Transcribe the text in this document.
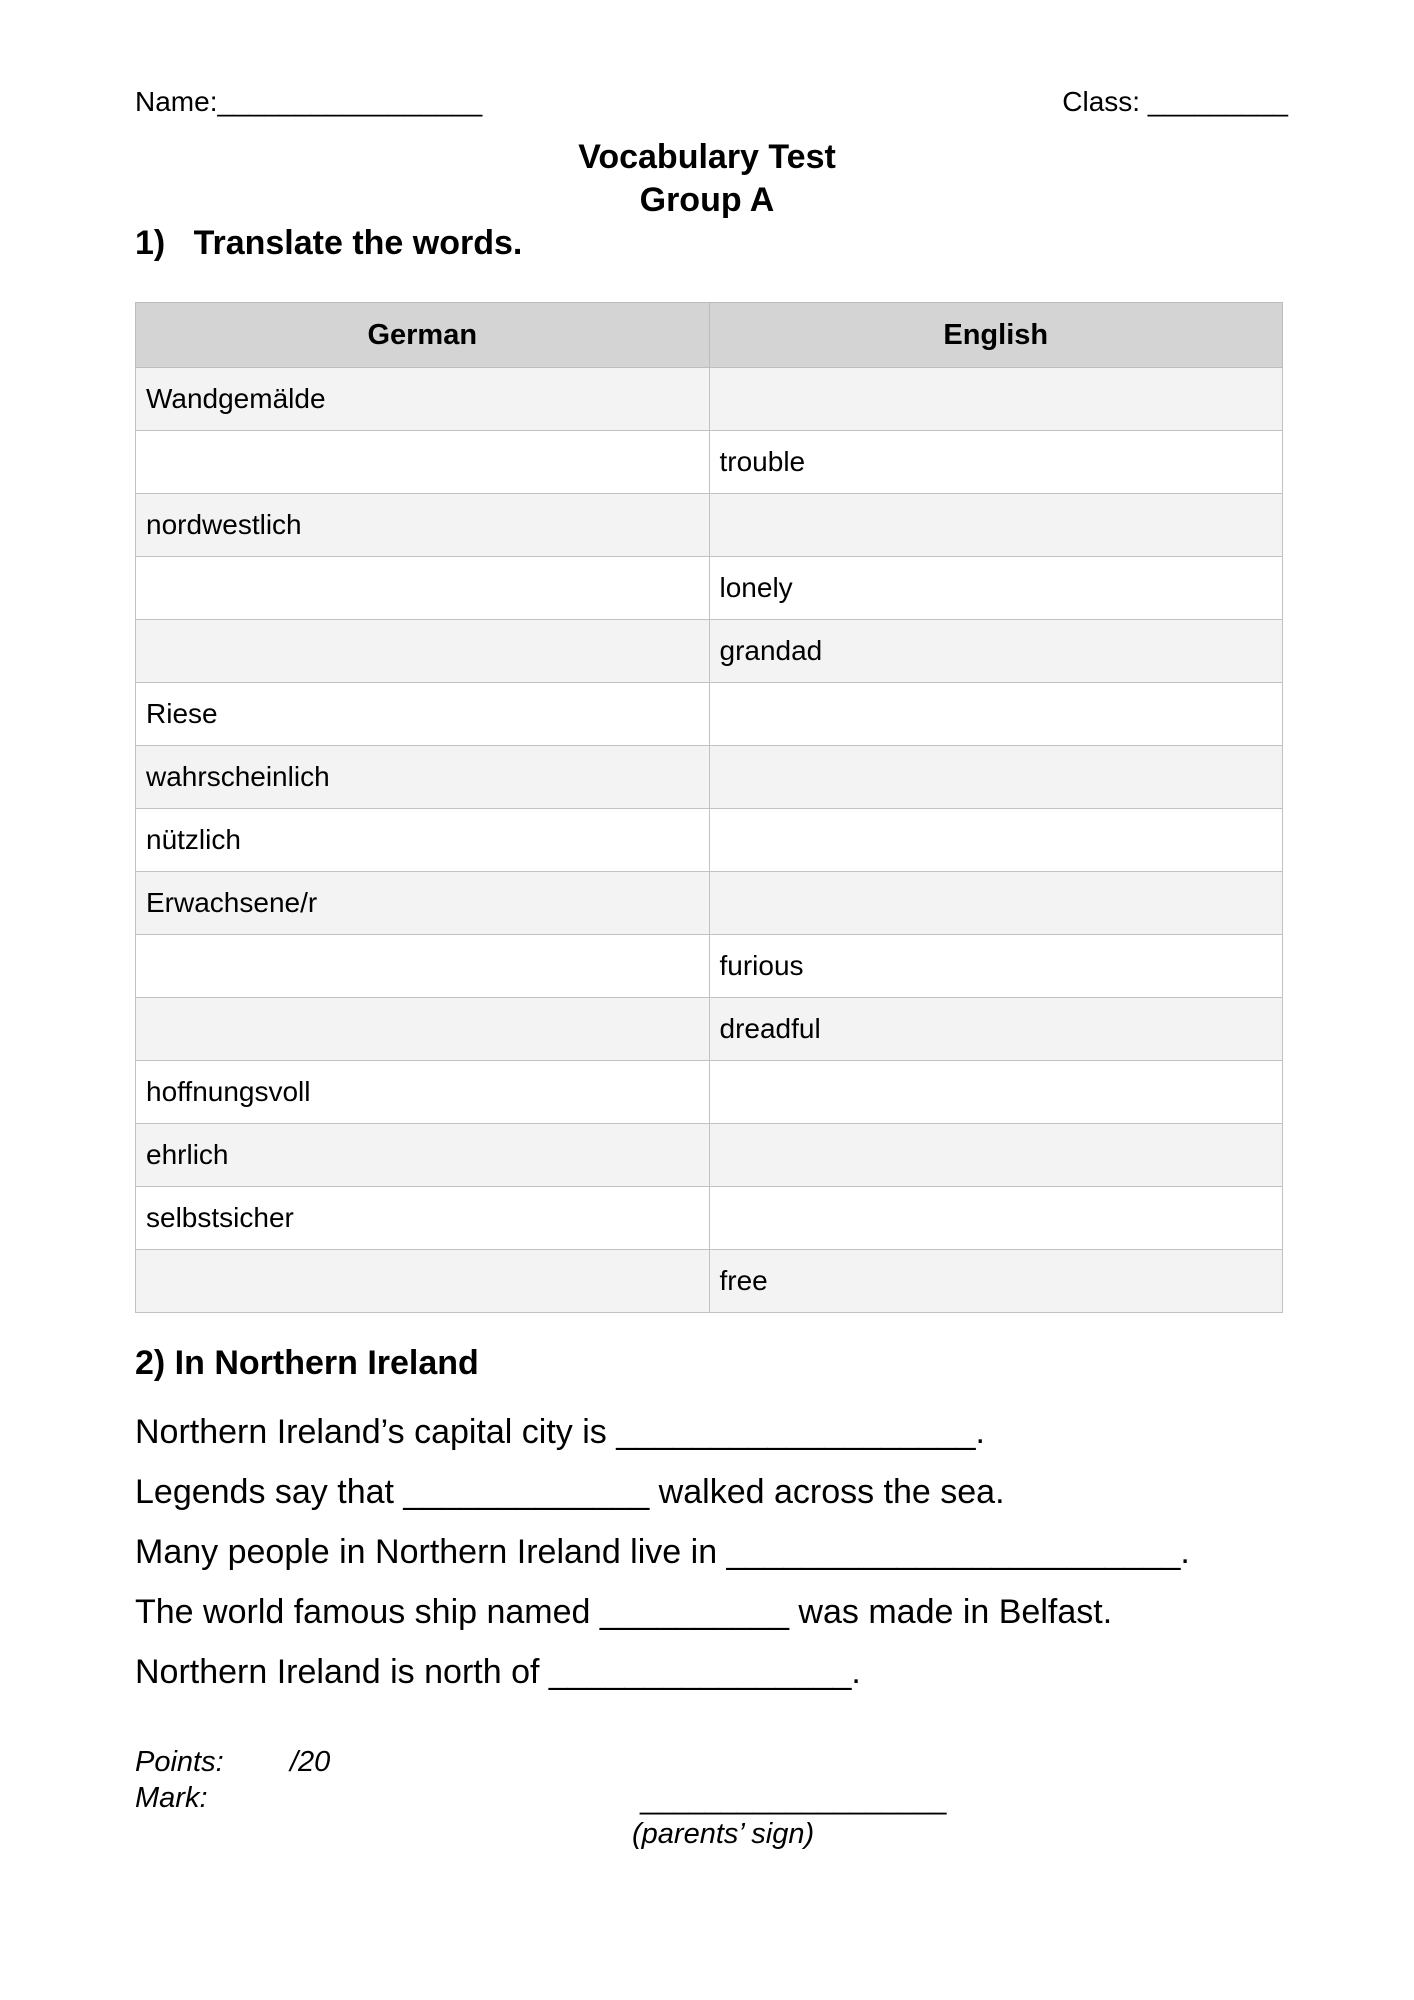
Name:_________________	Class: _________
Vocabulary Test
Group A
1)   Translate the words.
German	English
Wandgemälde	
	trouble
nordwestlich	
	lonely
	grandad
Riese	
wahrscheinlich	
nützlich	
Erwachsene/r	
	furious
	dreadful
hoffnungsvoll	
ehrlich	
selbstsicher	
	free
2) In Northern Ireland
Northern Ireland’s capital city is ___________________.
Legends say that _____________ walked across the sea.
Many people in Northern Ireland live in ________________________.
The world famous ship named __________ was made in Belfast.
Northern Ireland is north of ________________.
Points: /20
Mark:	___________________
(parents’ sign)
